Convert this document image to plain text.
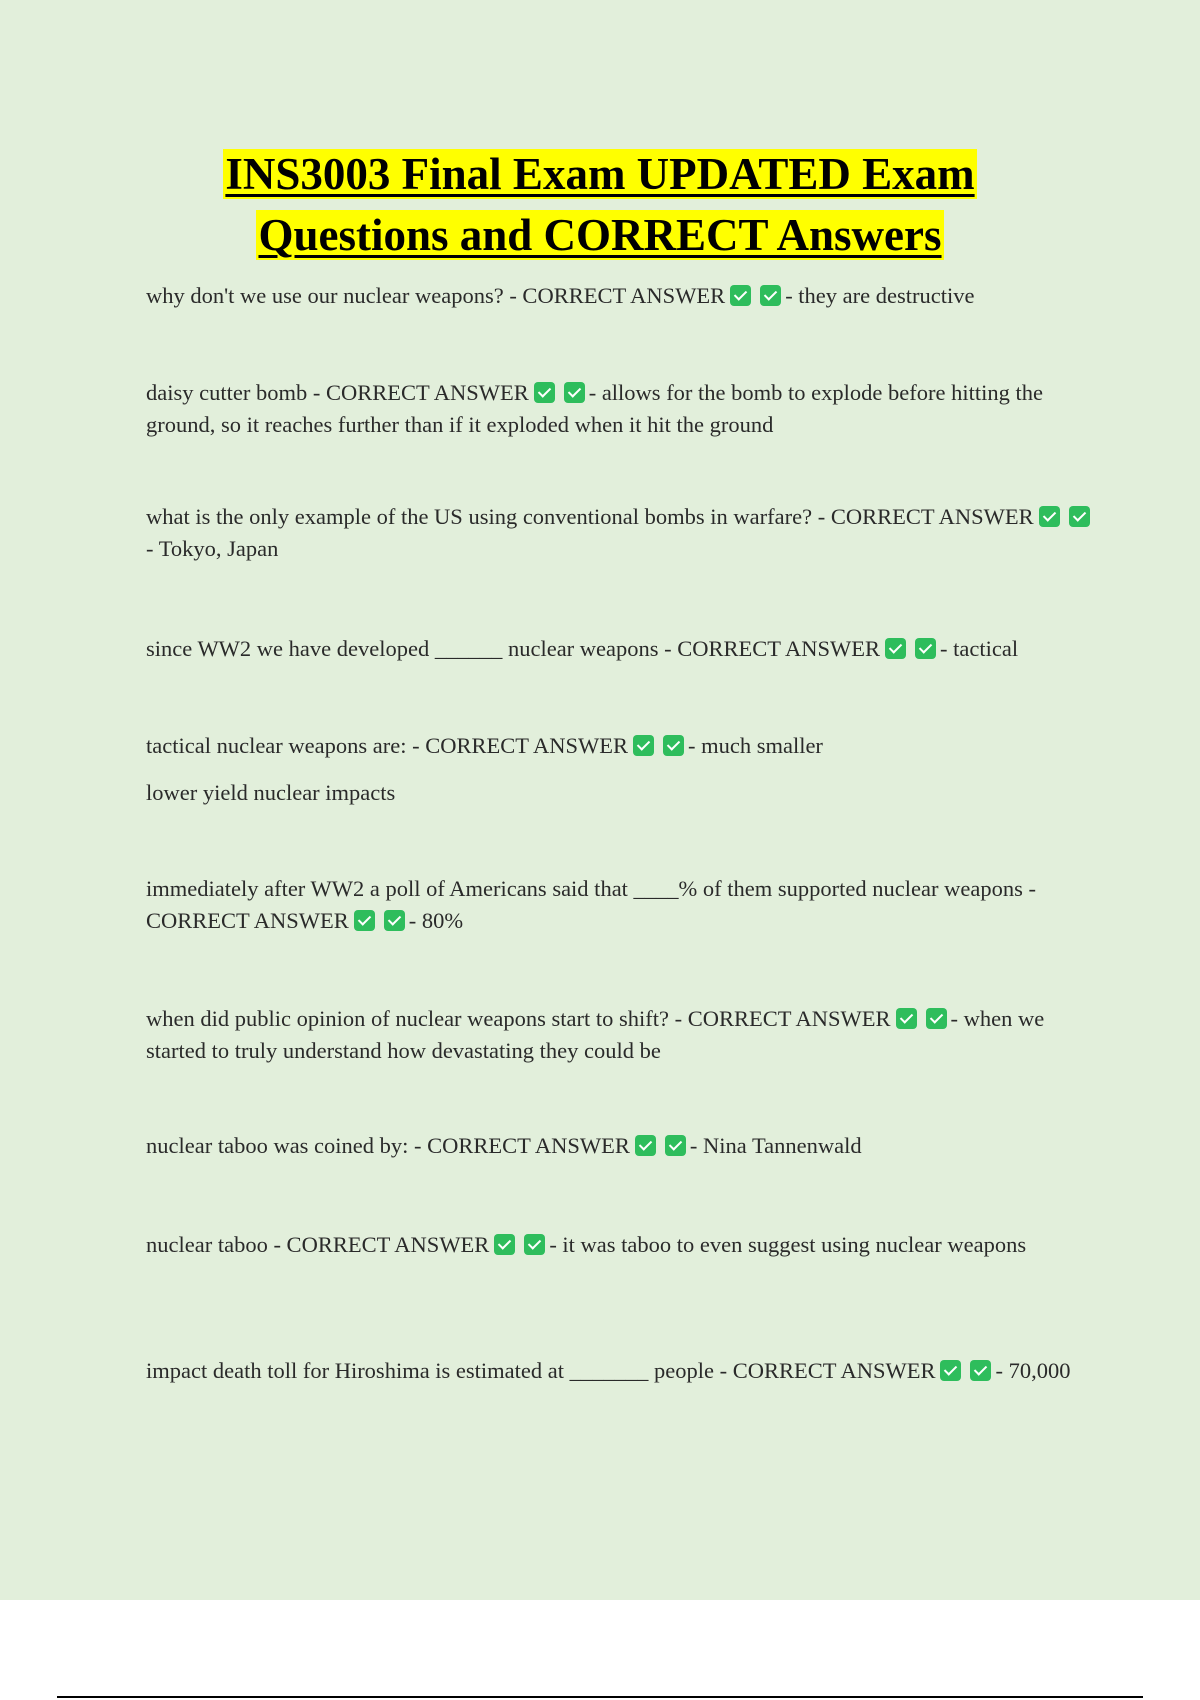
INS3003 Final Exam UPDATED Exam
Questions and CORRECT Answers
why don't we use our nuclear weapons? - CORRECT ANSWER	- they are destructive
daisy cutter bomb - CORRECT ANSWER	- allows for the bomb to explode before hitting the ground, so it reaches further than if it exploded when it hit the ground
what is the only example of the US using conventional bombs in warfare? - CORRECT ANSWER- Tokyo, Japan
since WW2 we have developed ______ nuclear weapons - CORRECT ANSWER	- tactical
tactical nuclear weapons are: - CORRECT ANSWER	- much smaller
lower yield nuclear impacts
immediately after WW2 a poll of Americans said that ____% of them supported nuclear weapons - CORRECT ANSWER	- 80%
when did public opinion of nuclear weapons start to shift? - CORRECT ANSWER	- when we started to truly understand how devastating they could be
nuclear taboo was coined by: - CORRECT ANSWER	- Nina Tannenwald
nuclear taboo - CORRECT ANSWER	- it was taboo to even suggest using nuclear weapons
impact death toll for Hiroshima is estimated at _______ people - CORRECT ANSWER	- 70,000
